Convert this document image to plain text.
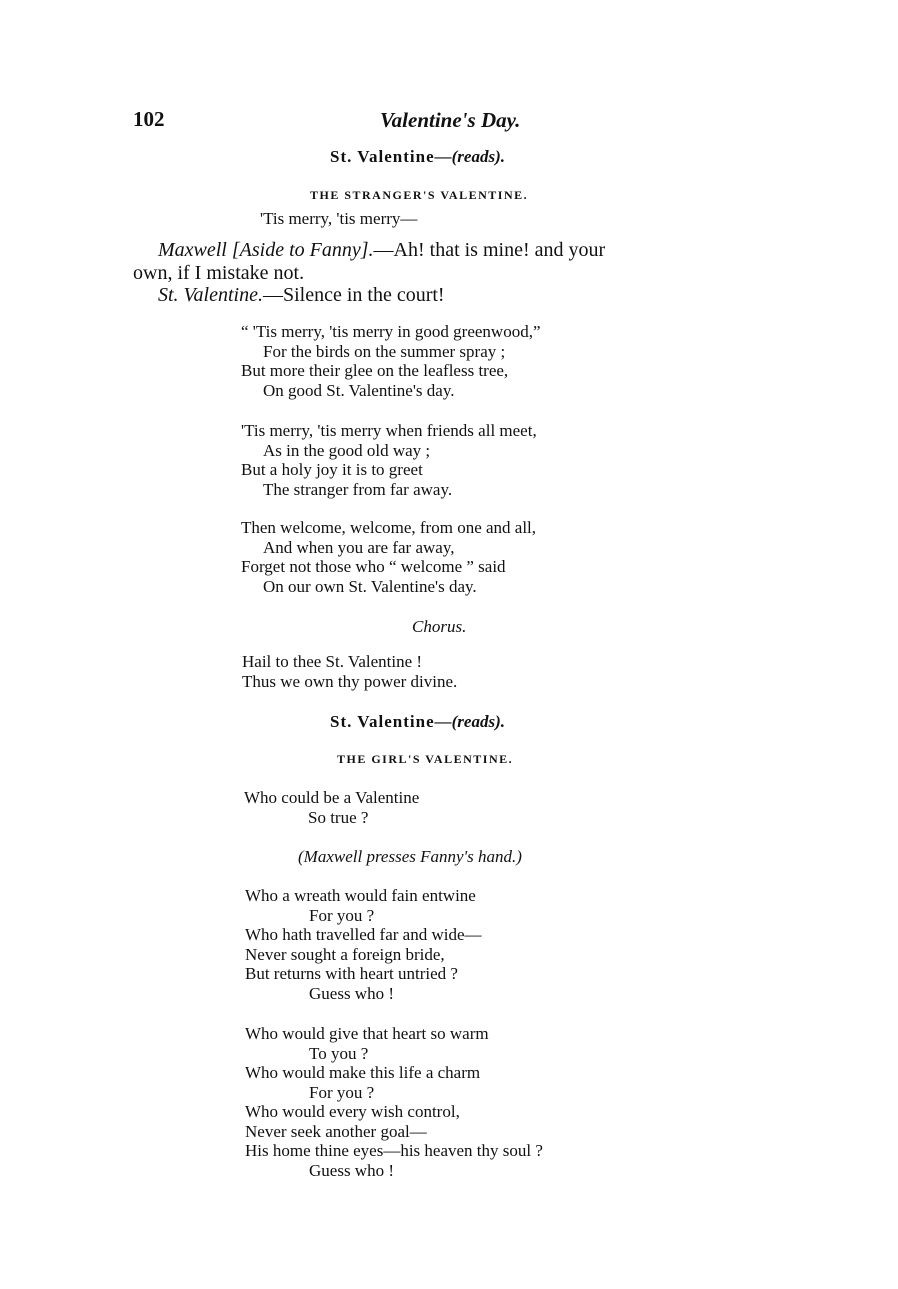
102	Valentine's Day.
St. Valentine—(reads).
THE STRANGER'S VALENTINE.
'Tis merry, 'tis merry—
Maxwell [Aside to Fanny].—Ah! that is mine! and your
own, if I mistake not.
St. Valentine.—Silence in the court!
“ 'Tis merry, 'tis merry in good greenwood,”
For the birds on the summer spray ;
But more their glee on the leafless tree,
On good St. Valentine's day.
'Tis merry, 'tis merry when friends all meet,
As in the good old way ;
But a holy joy it is to greet
The stranger from far away.
Then welcome, welcome, from one and all,
And when you are far away,
Forget not those who “ welcome ” said
On our own St. Valentine's day.
Chorus.
Hail to thee St. Valentine !
Thus we own thy power divine.
St. Valentine—(reads).
THE GIRL'S VALENTINE.
Who could be a Valentine
So true ?
(Maxwell presses Fanny's hand.)
Who a wreath would fain entwine
For you ?
Who hath travelled far and wide—
Never sought a foreign bride,
But returns with heart untried ?
Guess who !
Who would give that heart so warm
To you ?
Who would make this life a charm
For you ?
Who would every wish control,
Never seek another goal—
His home thine eyes—his heaven thy soul ?
Guess who !
